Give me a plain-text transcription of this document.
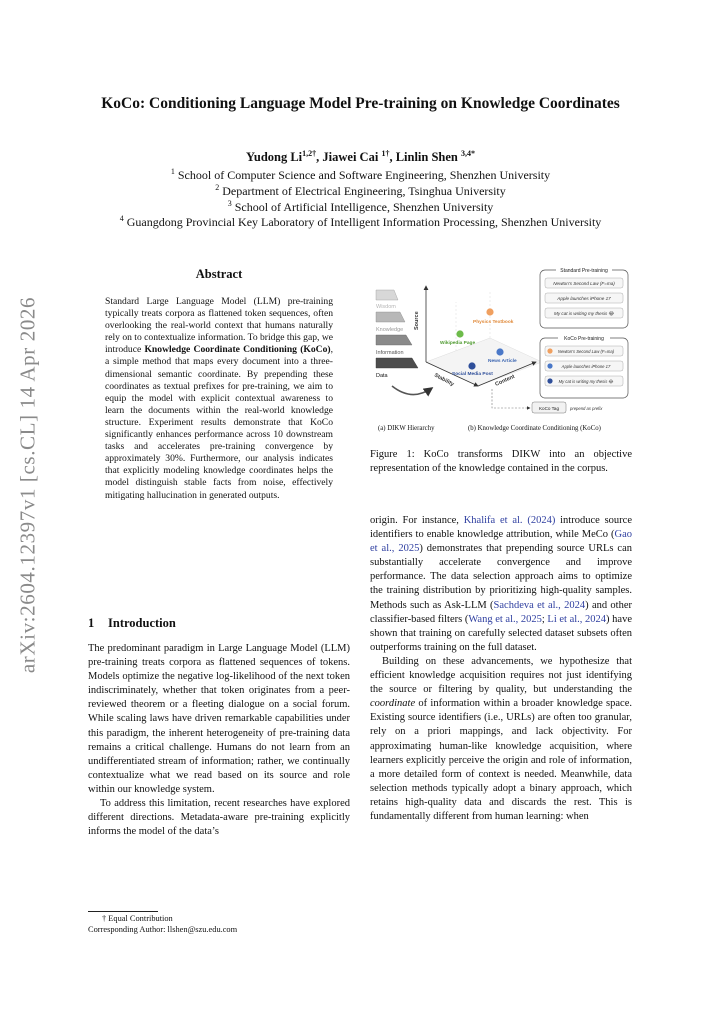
arXiv:2604.12397v1 [cs.CL] 14 Apr 2026
KoCo: Conditioning Language Model Pre-training on Knowledge Coordinates
Yudong $Li^{1,2\dagger}$, Jiawei Cai $^{1\dagger}$, Linlin Shen $^{3,4*}$
$^1$ School of Computer Science and Software Engineering, Shenzhen University
$^2$ Department of Electrical Engineering, Tsinghua University
$^3$ School of Artificial Intelligence, Shenzhen University
$^4$ Guangdong Provincial Key Laboratory of Intelligent Information Processing, Shenzhen University
Abstract
Standard Large Language Model (LLM) pre-training typically treats corpora as flattened token sequences, often overlooking the real-world context that humans naturally rely on to contextualize information. To bridge this gap, we introduce Knowledge Coordinate Conditioning (KoCo), a simple method that maps every document into a three-dimensional semantic coordinate. By prepending these coordinates as textual prefixes for pre-training, we aim to equip the model with explicit contextual awareness to learn the documents within the real-world knowledge structure. Experiment results demonstrate that KoCo significantly enhances performance across 10 downstream tasks and accelerates pre-training convergence by approximately 30%. Furthermore, our analysis indicates that explicitly modeling knowledge coordinates helps the model distinguish stable facts from noise, effectively mitigating hallucination in generated outputs.
1 Introduction

The predominant paradigm in Large Language Model (LLM) pre-training treats corpora as flattened sequences of tokens. Models optimize the negative log-likelihood of the next token indiscriminately, whether that token originates from a peer-reviewed theorem or a fleeting dialogue on a social forum. While scaling laws have driven remarkable capabilities under this paradigm, the inherent heterogeneity of pre-training data remains a critical challenge. Humans do not learn from an undifferentiated stream of information; rather, we continually contextualize what we read based on its source and role within our knowledge system.

To address this limitation, recent researches have explored different directions. Metadata-aware pre-training explicitly informs the model of the data’s

† Equal Contribution
Corresponding Author: llshen@szu.edu.com
Wisdom
Knowledge
Information
Data
Source
Stability	Content
Physics Textbook
Wikipedia Page
News Article
Social Media Post
Standard Pre-training
Newton’s Second Law (F=ma)
Apple launches iPhone 17
My cat is writing my thesis 😂
KoCo Pre-training
Newton’s Second Law (F=ma)
Apple launches iPhone 17
My cat is writing my thesis 😂
KoCo Tag	prepend as prefix
(a) DIKW Hierarchy	(b) Knowledge Coordinate Conditioning (KoCo)
Figure 1: KoCo transforms DIKW into an objective representation of the knowledge contained in the corpus.

origin. For instance, Khalifa et al. (2024) introduce source identifiers to enable knowledge attribution, while MeCo (Gao et al., 2025) demonstrates that prepending source URLs can substantially accelerate convergence and improve performance. The data selection approach aims to optimize the training distribution by prioritizing high-quality samples. Methods such as Ask-LLM (Sachdeva et al., 2024) and other classifier-based filters (Wang et al., 2025; Li et al., 2024) have shown that training on carefully selected dataset subsets often outperforms training on the full dataset.

Building on these advancements, we hypothesize that efficient knowledge acquisition requires not just identifying the source or filtering by quality, but understanding the coordinate of information within a broader knowledge space. Existing source identifiers (i.e., URLs) are often too granular, rely on a priori mappings, and lack objectivity. For approximating human-like knowledge acquisition, where learners explicitly perceive the origin and role of information, a more detailed form of context is needed. Meanwhile, data selection methods typically adopt a binary approach, which retains high-quality data and discards the rest. This is fundamentally different from human learning: when
